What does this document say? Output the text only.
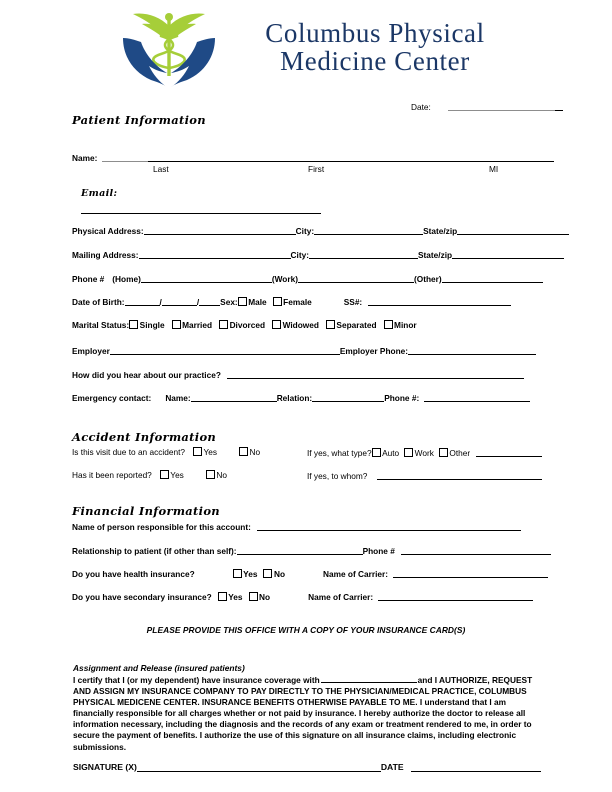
Columbus Physical
Medicine Center
Date:
Patient Information
Name:
Last	First	MI
Email:
Physical Address:	City:	State/zip
Mailing Address:	City:	State/zip
Phone # (Home)	(Work)	(Other)
Date of Birth:	/	/	Sex: Male Female	SS#:
Marital Status: Single Married Divorced Widowed Separated Minor
Employer	Employer Phone:
How did you hear about our practice?
Emergency contact: Name:	Relation:	Phone #:
Accident Information
Is this visit due to an accident? Yes	No	If yes, what type? Auto Work Other
Has it been reported? Yes	No	If yes, to whom?
Financial Information
Name of person responsible for this account:
Relationship to patient (if other than self):	Phone #
Do you have health insurance?	Yes No	Name of Carrier:
Do you have secondary insurance? Yes No	Name of Carrier:
PLEASE PROVIDE THIS OFFICE WITH A COPY OF YOUR INSURANCE CARD(S)
Assignment and Release (insured patients)
I certify that I (or my dependent) have insurance coverage with	and I AUTHORIZE, REQUEST AND ASSIGN MY INSURANCE COMPANY TO PAY DIRECTLY TO THE PHYSICIAN/MEDICAL PRACTICE, COLUMBUS PHYSICAL MEDICENE CENTER. INSURANCE BENEFITS OTHERWISE PAYABLE TO ME. I understand that I am financially responsible for all charges whether or not paid by insurance. I hereby authorize the doctor to release all information necessary, including the diagnosis and the records of any exam or treatment rendered to me, in order to secure the payment of benefits. I authorize the use of this signature on all insurance claims, including electronic submissions.
SIGNATURE (X)	DATE
